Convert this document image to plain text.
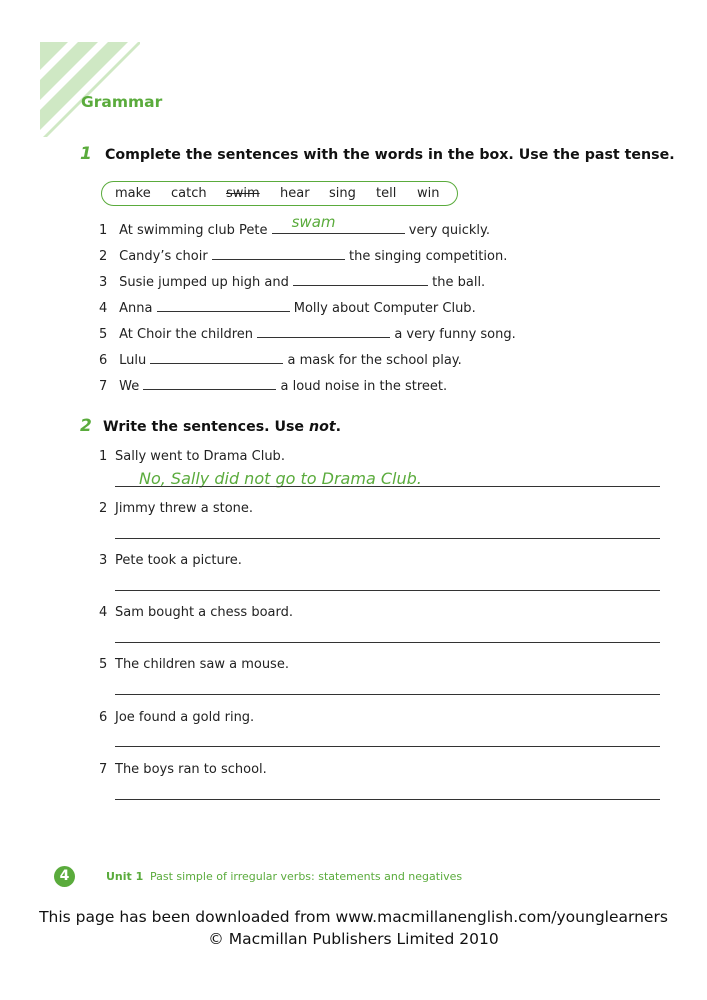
Grammar
1 Complete the sentences with the words in the box. Use the past tense.
make catch swim hear sing tell win
1 At swimming club Pete swam	very quickly.
2 Candy’s choir	the singing competition.
3 Susie jumped up high and	the ball.
4 Anna	Molly about Computer Club.
5 At Choir the children	a very funny song.
6 Lulu	a mask for the school play.
7 We	a loud noise in the street.
2 Write the sentences. Use not.
1 Sally went to Drama Club.
No, Sally did not go to Drama Club.
2 Jimmy threw a stone.
3 Pete took a picture.
4 Sam bought a chess board.
5 The children saw a mouse.
6 Joe found a gold ring.
7 The boys ran to school.
4	Unit 1 Past simple of irregular verbs: statements and negatives
This page has been downloaded from www.macmillanenglish.com/younglearners
© Macmillan Publishers Limited 2010
